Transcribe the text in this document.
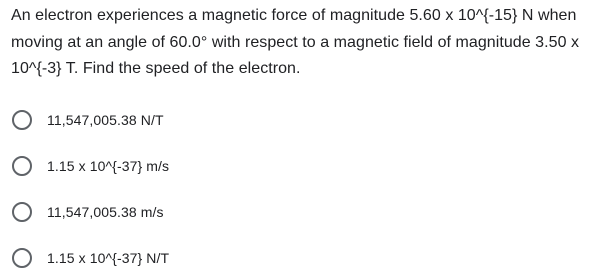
An electron experiences a magnetic force of magnitude 5.60 x 10^{-15} N when moving at an angle of 60.0° with respect to a magnetic field of magnitude 3.50 x 10^{-3} T. Find the speed of the electron.
11,547,005.38 N/T
1.15 x 10^{-37} m/s
11,547,005.38 m/s
1.15 x 10^{-37} N/T
